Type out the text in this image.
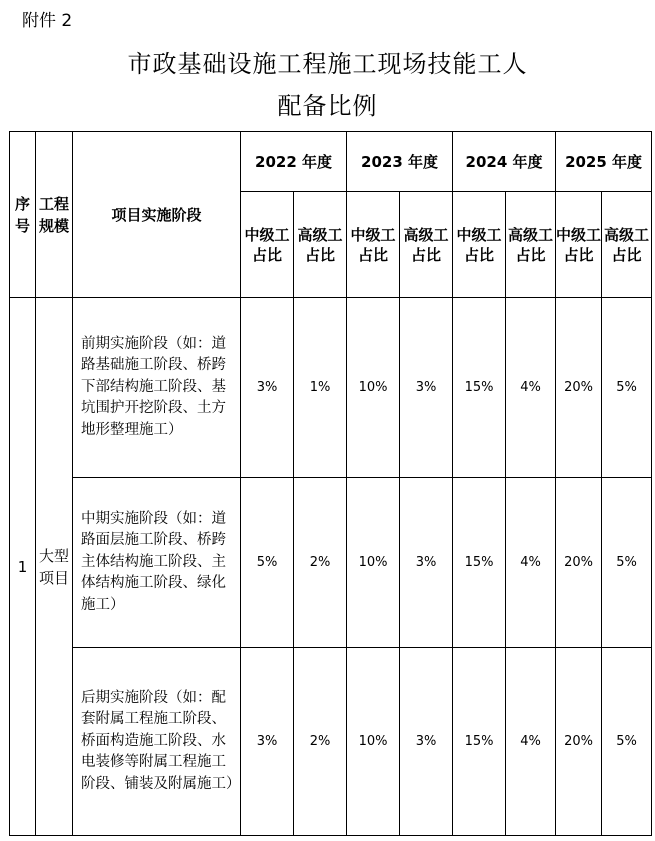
附件 2
市政基础设施工程施工现场技能工人
配备比例
序号	工程规模	项目实施阶段	2022 年度		2023 年度		2024 年度		2025 年度	
			中级工占比	高级工占比	中级工占比	高级工占比	中级工占比	高级工占比	中级工占比	高级工占比
1	大型项目	前期实施阶段（如：道路基础施工阶段、桥跨下部结构施工阶段、基坑围护开挖阶段、土方地形整理施工）	3%	1%	10%	3%	15%	4%	20%	5%
		中期实施阶段（如：道路面层施工阶段、桥跨主体结构施工阶段、主体结构施工阶段、绿化施工）	5%	2%	10%	3%	15%	4%	20%	5%
		后期实施阶段（如：配套附属工程施工阶段、桥面构造施工阶段、水电装修等附属工程施工阶段、铺装及附属施工）	3%	2%	10%	3%	15%	4%	20%	5%
